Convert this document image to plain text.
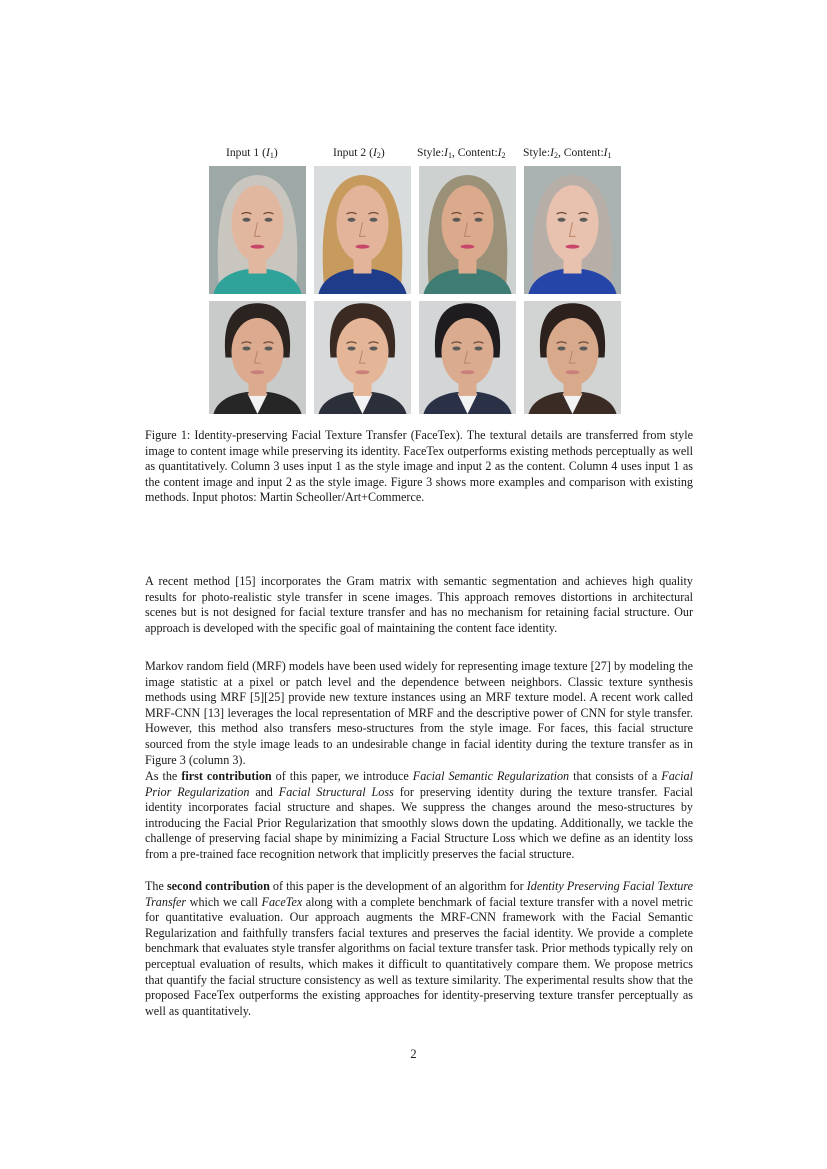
Input 1 $(I_1)$	Input 2 $(I_2)$	$Style:I_1$, $Content:I_2$ $Style:I_2$, $Content:I_1$
Figure 1: Identity-preserving Facial Texture Transfer (FaceTex). The textural details are transferred from style image to content image while preserving its identity. FaceTex outperforms existing methods perceptually as well as quantitatively. Column 3 uses input 1 as the style image and input 2 as the content. Column 4 uses input 1 as the content image and input 2 as the style image. Figure 3 shows more examples and comparison with existing methods. Input photos: Martin Scheoller/Art+Commerce.

A recent method [15] incorporates the Gram matrix with semantic segmentation and achieves high quality results for photo-realistic style transfer in scene images. This approach removes distortions in architectural scenes but is not designed for facial texture transfer and has no mechanism for retaining facial structure. Our approach is developed with the specific goal of maintaining the content face identity.

Markov random field (MRF) models have been used widely for representing image texture [27] by modeling the image statistic at a pixel or patch level and the dependence between neighbors. Classic texture synthesis methods using MRF [5][25] provide new texture instances using an MRF texture model. A recent work called MRF-CNN [13] leverages the local representation of MRF and the descriptive power of CNN for style transfer. However, this method also transfers meso-structures from the style image. For faces, this facial structure sourced from the style image leads to an undesirable change in facial identity during the texture transfer as in Figure 3 (column 3).

As the first contribution of this paper, we introduce Facial Semantic Regularization that consists of a Facial Prior Regularization and Facial Structural Loss for preserving identity during the texture transfer. Facial identity incorporates facial structure and shapes. We suppress the changes around the meso-structures by introducing the Facial Prior Regularization that smoothly slows down the updating. Additionally, we tackle the challenge of preserving facial shape by minimizing a Facial Structure Loss which we define as an identity loss from a pre-trained face recognition network that implicitly preserves the facial structure.

The second contribution of this paper is the development of an algorithm for Identity Preserving Facial Texture Transfer which we call FaceTex along with a complete benchmark of facial texture transfer with a novel metric for quantitative evaluation. Our approach augments the MRF-CNN framework with the Facial Semantic Regularization and faithfully transfers facial textures and preserves the facial identity. We provide a complete benchmark that evaluates style transfer algorithms on facial texture transfer task. Prior methods typically rely on perceptual evaluation of results, which makes it difficult to quantitatively compare them. We propose metrics that quantify the facial structure consistency as well as texture similarity. The experimental results show that the proposed FaceTex outperforms the existing approaches for identity-preserving texture transfer perceptually as well as quantitatively.

2
